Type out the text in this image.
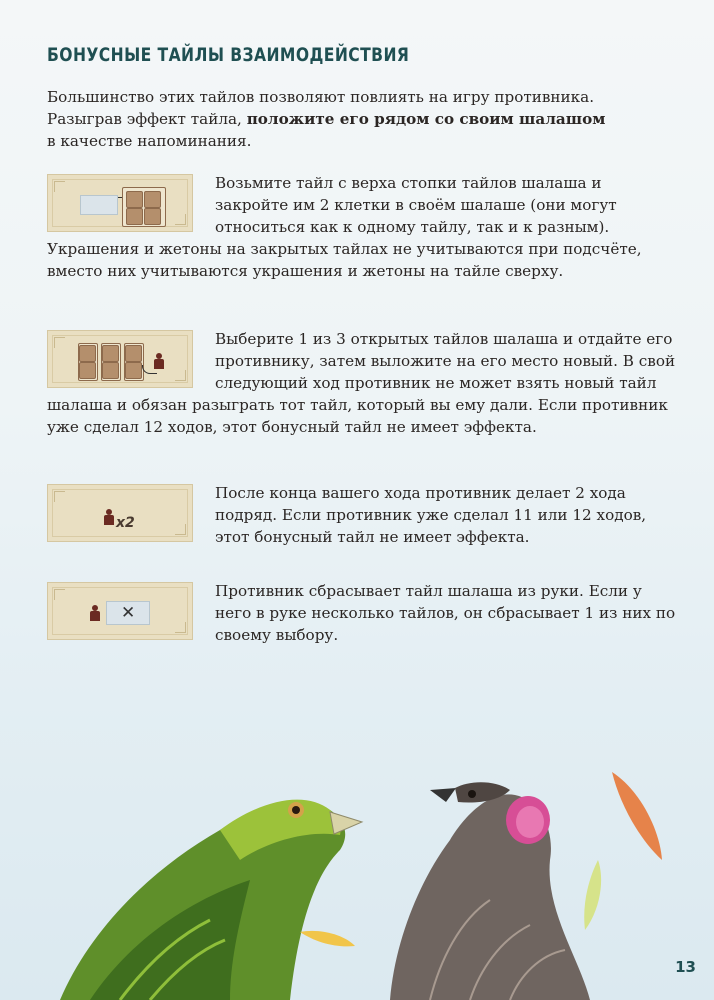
БОНУСНЫЕ ТАЙЛЫ ВЗАИМОДЕЙСТВИЯ

Большинство этих тайлов позволяют повлиять на игру противника.
Разыграв эффект тайла, положите его рядом со своим шалашом
в качестве напоминания.

Возьмите тайл с верха стопки тайлов шалаша и закройте им 2 клетки в своём шалаше (они могут относиться как к одному тайлу, так и к разным). Украшения и жетоны на закрытых тайлах не учитываются при подсчёте, вместо них учитываются украшения и жетоны на тайле сверху.

Выберите 1 из 3 открытых тайлов шалаша и отдайте его противнику, затем выложите на его место новый. В свой следующий ход противник не может взять новый тайл шалаша и обязан разыграть тот тайл, который вы ему дали. Если противник уже сделал 12 ходов, этот бонусный тайл не имеет эффекта.

x2

После конца вашего хода противник делает 2 хода подряд. Если противник уже сделал 11 или 12 ходов, этот бонусный тайл не имеет эффекта.

✕

Противник сбрасывает тайл шалаша из руки. Если у него в руке несколько тайлов, он сбрасывает 1 из них по своему выбору.

13
